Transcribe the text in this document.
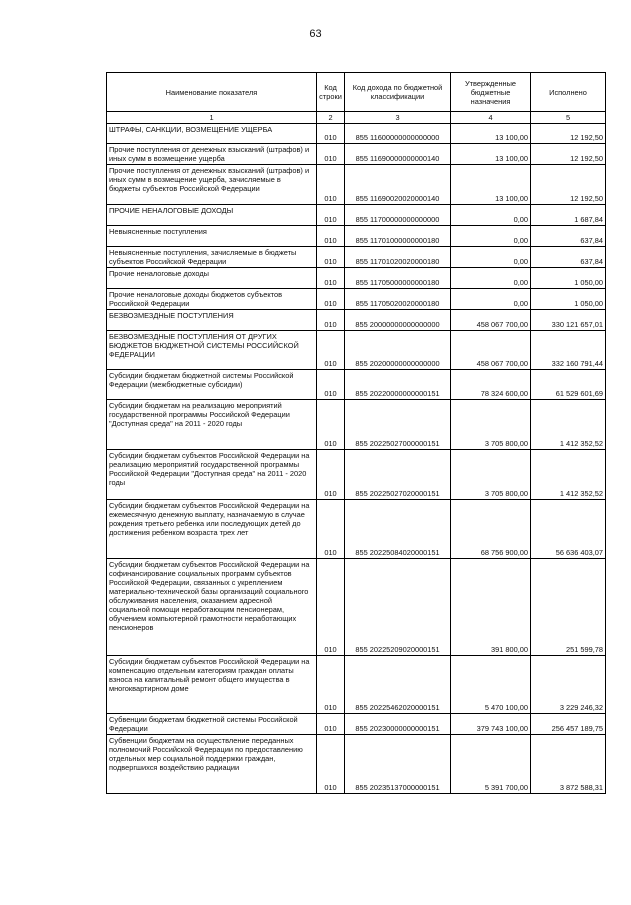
63
Наименование показателя	Код строки	Код дохода по бюджетной классификации	Утвержденные бюджетные назначения	Исполнено
1	2	3	4	5
ШТРАФЫ, САНКЦИИ, ВОЗМЕЩЕНИЕ УЩЕРБА	010	855 11600000000000000	13 100,00	12 192,50
Прочие поступления от денежных взысканий (штрафов) и иных сумм в возмещение ущерба	010	855 11690000000000140	13 100,00	12 192,50
Прочие поступления от денежных взысканий (штрафов) и иных сумм в возмещение ущерба, зачисляемые в бюджеты субъектов Российской Федерации	010	855 11690020020000140	13 100,00	12 192,50
ПРОЧИЕ НЕНАЛОГОВЫЕ ДОХОДЫ	010	855 11700000000000000	0,00	1 687,84
Невыясненные поступления	010	855 11701000000000180	0,00	637,84
Невыясненные поступления, зачисляемые в бюджеты субъектов Российской Федерации	010	855 11701020020000180	0,00	637,84
Прочие неналоговые доходы	010	855 11705000000000180	0,00	1 050,00
Прочие неналоговые доходы бюджетов субъектов Российской Федерации	010	855 11705020020000180	0,00	1 050,00
БЕЗВОЗМЕЗДНЫЕ ПОСТУПЛЕНИЯ	010	855 20000000000000000	458 067 700,00	330 121 657,01
БЕЗВОЗМЕЗДНЫЕ ПОСТУПЛЕНИЯ ОТ ДРУГИХ БЮДЖЕТОВ БЮДЖЕТНОЙ СИСТЕМЫ РОССИЙСКОЙ ФЕДЕРАЦИИ	010	855 20200000000000000	458 067 700,00	332 160 791,44
Субсидии бюджетам бюджетной системы Российской Федерации (межбюджетные субсидии)	010	855 20220000000000151	78 324 600,00	61 529 601,69
Субсидии бюджетам на реализацию мероприятий государственной программы Российской Федерации "Доступная среда" на 2011 - 2020 годы	010	855 20225027000000151	3 705 800,00	1 412 352,52
Субсидии бюджетам субъектов Российской Федерации на реализацию мероприятий государственной программы Российской Федерации "Доступная среда" на 2011 - 2020 годы	010	855 20225027020000151	3 705 800,00	1 412 352,52
Субсидии бюджетам субъектов Российской Федерации на ежемесячную денежную выплату, назначаемую в случае рождения третьего ребенка или последующих детей до достижения ребенком возраста трех лет	010	855 20225084020000151	68 756 900,00	56 636 403,07
Субсидии бюджетам субъектов Российской Федерации на софинансирование социальных программ субъектов Российской Федерации, связанных с укреплением материально-технической базы организаций социального обслуживания населения, оказанием адресной социальной помощи неработающим пенсионерам, обучением компьютерной грамотности неработающих пенсионеров	010	855 20225209020000151	391 800,00	251 599,78
Субсидии бюджетам субъектов Российской Федерации на компенсацию отдельным категориям граждан оплаты взноса на капитальный ремонт общего имущества в многоквартирном доме	010	855 20225462020000151	5 470 100,00	3 229 246,32
Субвенции бюджетам бюджетной системы Российской Федерации	010	855 20230000000000151	379 743 100,00	256 457 189,75
Субвенции бюджетам на осуществление переданных полномочий Российской Федерации по предоставлению отдельных мер социальной поддержки граждан, подвергшихся воздействию радиации	010	855 20235137000000151	5 391 700,00	3 872 588,31
